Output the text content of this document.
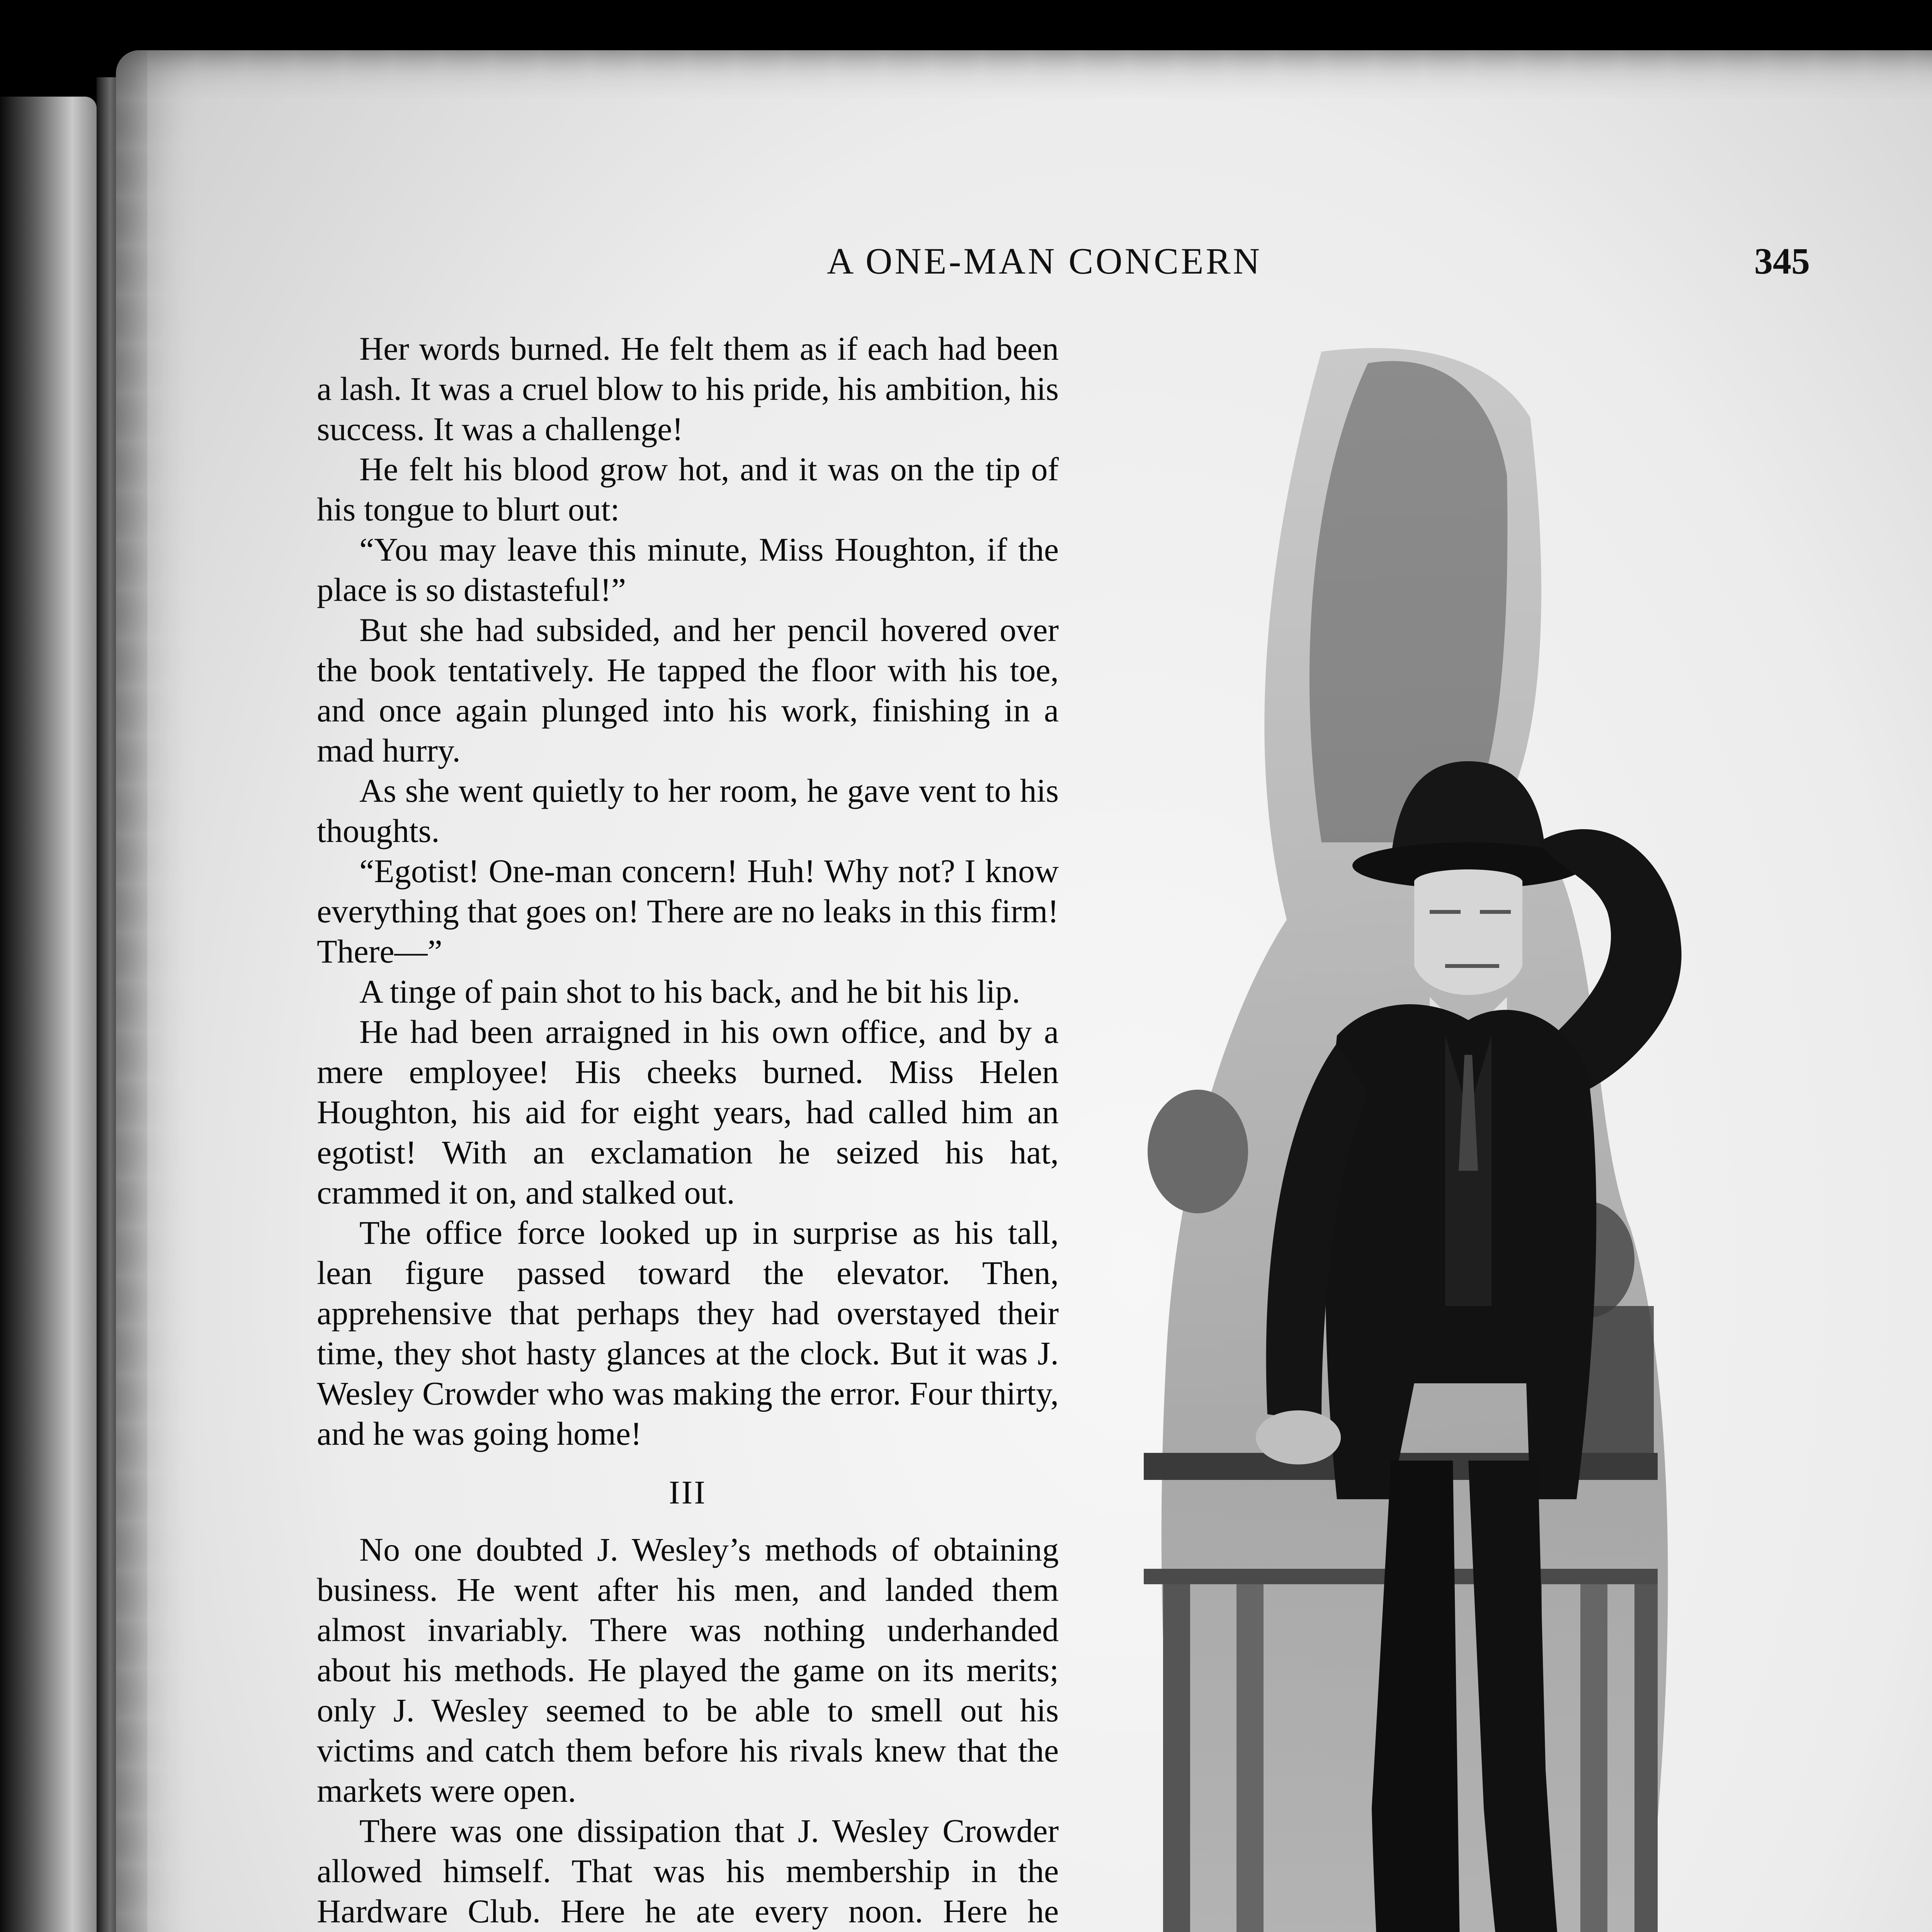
A ONE-MAN CONCERN	345

Her words burned. He felt them as if each had been a lash. It was a cruel blow to his pride, his ambition, his success. It was a challenge!

He felt his blood grow hot, and it was on the tip of his tongue to blurt out:

“You may leave this minute, Miss Houghton, if the place is so distasteful!”

But she had subsided, and her pencil hovered over the book tentatively. He tapped the floor with his toe, and once again plunged into his work, finishing in a mad hurry.

As she went quietly to her room, he gave vent to his thoughts.

“Egotist! One-man concern! Huh! Why not? I know everything that goes on! There are no leaks in this firm! There—”

A tinge of pain shot to his back, and he bit his lip.

He had been arraigned in his own office, and by a mere employee! His cheeks burned. Miss Helen Houghton, his aid for eight years, had called him an egotist! With an exclamation he seized his hat, crammed it on, and stalked out.

The office force looked up in surprise as his tall, lean figure passed toward the elevator. Then, apprehensive that perhaps they had overstayed their time, they shot hasty glances at the clock. But it was J. Wesley Crowder who was making the error. Four thirty, and he was going home!

III

No one doubted J. Wesley’s methods of obtaining business. He went after his men, and landed them almost invariably. There was nothing underhanded about his methods. He played the game on its merits; only J. Wesley seemed to be able to smell out his victims and catch them before his rivals knew that the markets were open.

There was one dissipation that J. Wesley Crowder allowed himself. That was his membership in the Hardware Club. Here he ate every noon. Here he
